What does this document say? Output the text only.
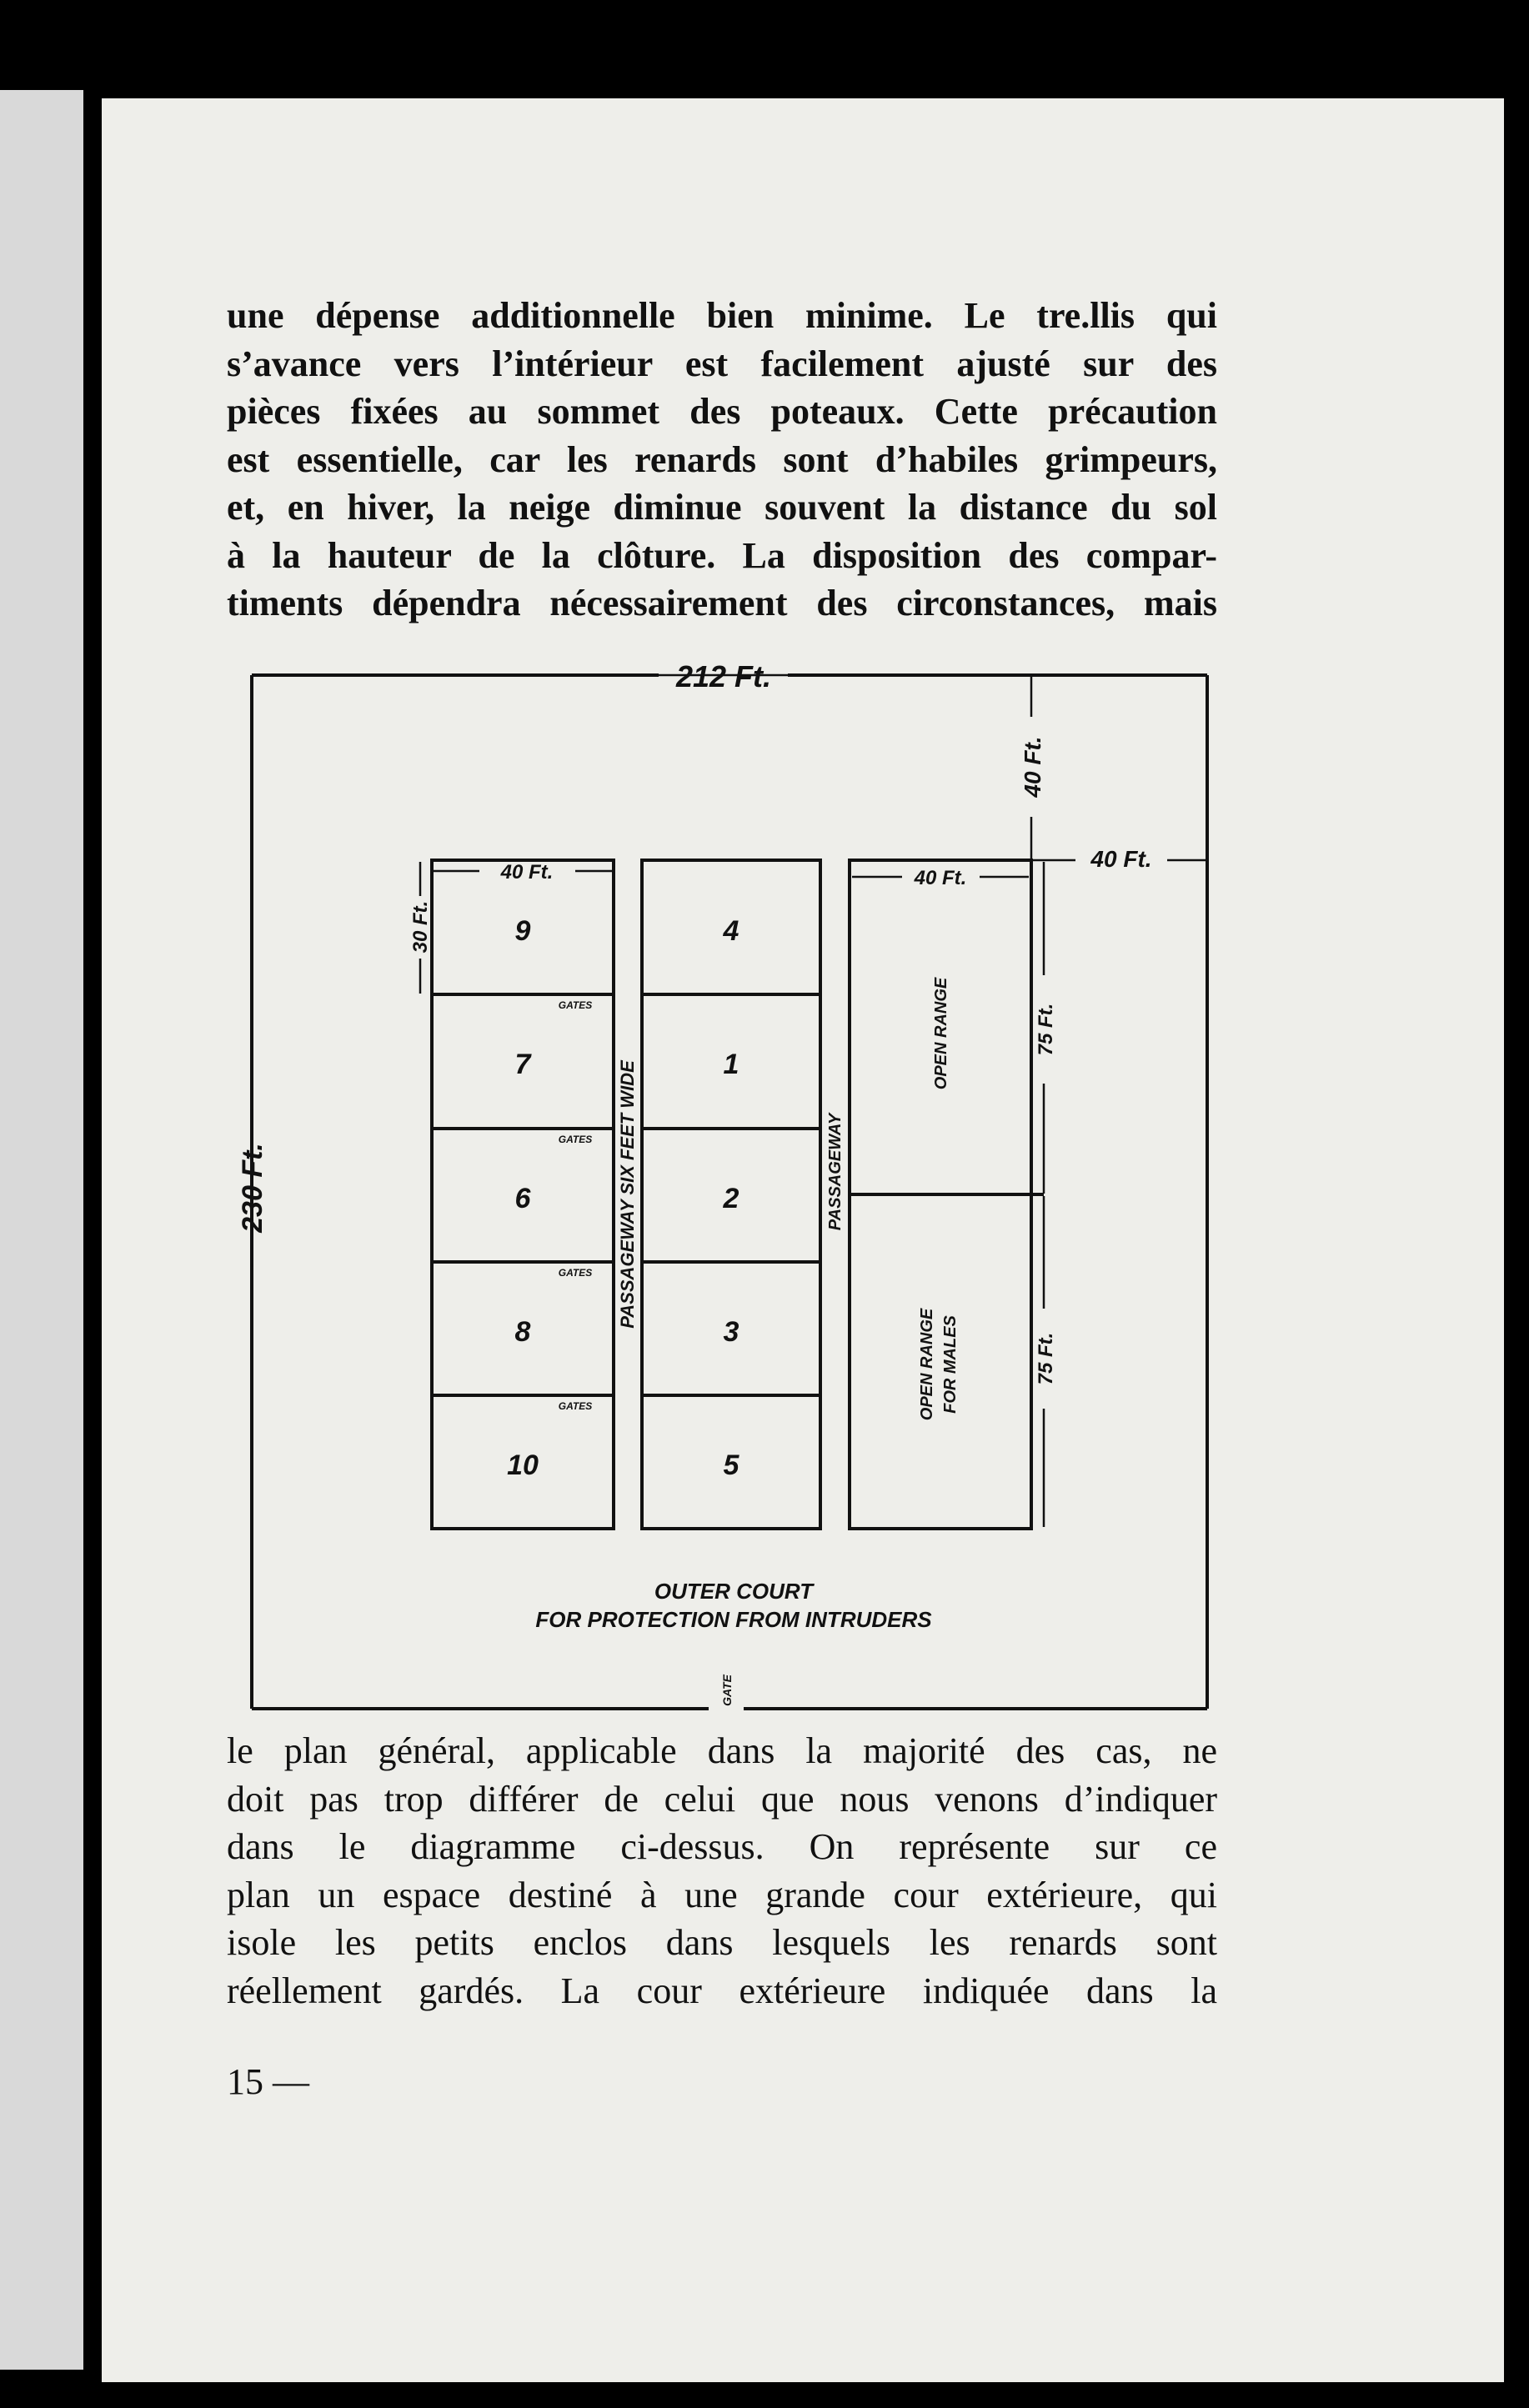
une dépense additionnelle bien minime. Le tre.llis qui
s’avance vers l’intérieur est facilement ajusté sur des
pièces fixées au sommet des poteaux. Cette précaution
est essentielle, car les renards sont d’habiles grimpeurs,
et, en hiver, la neige diminue souvent la distance du sol
à la hauteur de la clôture. La disposition des compar-
timents dépendra nécessairement des circonstances, mais
212 Ft.
230 Ft.
40 Ft.
40 Ft.
40 Ft.	40 Ft.
30 Ft.
75 Ft.
75 Ft.
9
7
6
8
10
4
1
2
3
5
GATES
GATES
GATES
GATES
PASSAGEWAY SIX FEET WIDE	PASSAGEWAY
OPEN RANGE
OPEN RANGE FOR MALES
OUTER COURT
FOR PROTECTION FROM INTRUDERS
GATE
le plan général, applicable dans la majorité des cas, ne
doit pas trop différer de celui que nous venons d’indiquer
dans le diagramme ci-dessus. On représente sur ce
plan un espace destiné à une grande cour extérieure, qui
isole les petits enclos dans lesquels les renards sont
réellement gardés. La cour extérieure indiquée dans la
15 —
